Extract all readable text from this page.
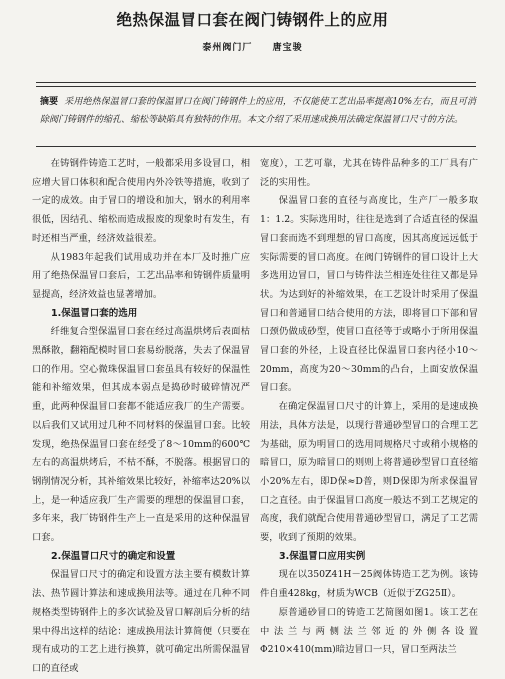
绝热保温冒口套在阀门铸钢件上的应用
泰州阀门厂 唐宝骏
摘要 采用绝热保温冒口套的保温冒口在阀门铸钢件上的应用，不仅能使工艺出品率提高10%左右，而且可消除阀门铸钢件的缩孔、缩松等缺陷具有独特的作用。本文介绍了采用速成换用法确定保温冒口尺寸的方法。

在铸钢件铸造工艺时，一般都采用多设冒口，相应增大冒口体积和配合使用内外冷铁等措施，收到了一定的成效。由于冒口的增设和加大，钢水的利用率很低，因结孔、缩松而造成报废的现象时有发生，有时还相当严重，经济效益很差。

从1983年起我们试用成功并在本厂及时推广应用了绝热保温冒口套后，工艺出品率和铸钢件质量明显提高，经济效益也显著增加。

1.保温冒口套的选用

纤维复合型保温冒口套在经过高温烘烤后表面枯黑酥散，翻箱配模时冒口套易纷脱落，失去了保温冒口的作用。空心微珠保温冒口套虽具有较好的保温性能和补缩效果，但其成本弱点是捣砂时破碎情况严重，此两种保温冒口套都不能适应我厂的生产需要。以后我们又试用过几种不同材料的保温冒口套。比较发现，绝热保温冒口套在经受了8～10mm的600℃左右的高温烘烤后，不枯不酥，不脱落。根据冒口的钢削情况分析，其补缩效果比较好，补缩率达20%以上，是一种适应我厂生产需要的理想的保温冒口套，多年来，我厂铸钢件生产上一直是采用的这种保温冒口套。

2.保温冒口尺寸的确定和设置

保温冒口尺寸的确定和设置方法主要有模数计算法、热节圆计算法和速成换用法等。通过在几种不同规格类型铸钢件上的多次试验及冒口解剖后分析的结果中得出这样的结论：速成换用法计算简便（只要在现有成功的工艺上进行换算，就可确定出所需保温冒口的直径或

宽度），工艺可靠，尤其在铸件品种多的工厂具有广泛的实用性。

保温冒口套的直径与高度比，生产厂一般多取1：1.2。实际选用时，往往是选到了合适直径的保温冒口套而选不到理想的冒口高度，因其高度远远低于实际需要的冒口高度。在阀门铸钢件的冒口设计上大多选用边冒口，冒口与铸件法兰相连处往往又都是异状。为达到好的补缩效果，在工艺设计时采用了保温冒口和普通冒口结合使用的方法，即将冒口下部和冒口颈仍做成砂型，使冒口直径等于或略小于所用保温冒口套的外径，上设直径比保温冒口套内径小10～20mm，高度为20～30mm的凸台，上面安放保温冒口套。

在确定保温冒口尺寸的计算上，采用的是速成换用法，具体方法是，以现行普通砂型冒口的合理工艺为基础，原为明冒口的选用同规格尺寸或稍小规格的暗冒口，原为暗冒口的则则上将普通砂型冒口直径缩小20%左右，即D保≈D普，则D保即为所求保温冒口之直径。由于保温冒口高度一般达不到工艺规定的高度，我们就配合使用普通砂型冒口，满足了工艺需要，收到了预期的效果。

3.保温冒口应用实例

现在以350Z41H－25阀体铸造工艺为例。该铸件自重428kg，材质为WCB（近似于ZG25Ⅱ）。

原普通砂冒口的铸造工艺简图如图1。该工艺在中法兰与两侧法兰邻近的外侧各设置Φ210×410(mm)暗边冒口一只，冒口至两法兰
